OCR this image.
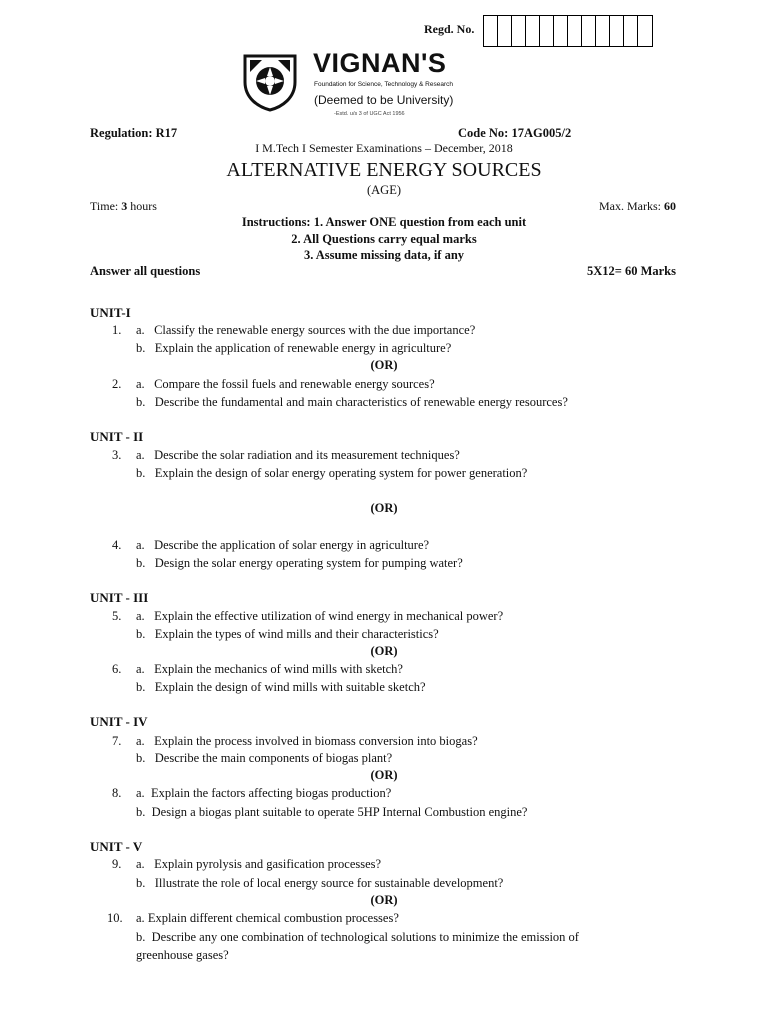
Regd. No.
VIGNAN'S
Foundation for Science, Technology & Research
(Deemed to be University)
-Estd. u/s 3 of UGC Act 1956
Regulation: R17	Code No: 17AG005/2
I M.Tech I Semester Examinations – December, 2018
ALTERNATIVE ENERGY SOURCES
(AGE)
Time: 3 hours	Max. Marks: 60
Instructions: 1. Answer ONE question from each unit
2. All Questions carry equal marks
3. Assume missing data, if any
Answer all questions	5X12= 60 Marks
UNIT-I
1. a.   Classify the renewable energy sources with the due importance?
b.   Explain the application of renewable energy in agriculture?
(OR)
2. a.   Compare the fossil fuels and renewable energy sources?
b.   Describe the fundamental and main characteristics of renewable energy resources?
UNIT - II
3. a.   Describe the solar radiation and its measurement techniques?
b.   Explain the design of solar energy operating system for power generation?
(OR)
4. a.   Describe the application of solar energy in agriculture?
b.   Design the solar energy operating system for pumping water?
UNIT - III
5. a.   Explain the effective utilization of wind energy in mechanical power?
b.   Explain the types of wind mills and their characteristics?
(OR)
6. a.   Explain the mechanics of wind mills with sketch?
b.   Explain the design of wind mills with suitable sketch?
UNIT - IV
7. a.   Explain the process involved in biomass conversion into biogas?
b.   Describe the main components of biogas plant?
(OR)
8. a.  Explain the factors affecting biogas production?
b.  Design a biogas plant suitable to operate 5HP Internal Combustion engine?
UNIT - V
9. a.   Explain pyrolysis and gasification processes?
b.   Illustrate the role of local energy source for sustainable development?
(OR)
10. a. Explain different chemical combustion processes?
b.  Describe any one combination of technological solutions to minimize the emission of
greenhouse gases?
